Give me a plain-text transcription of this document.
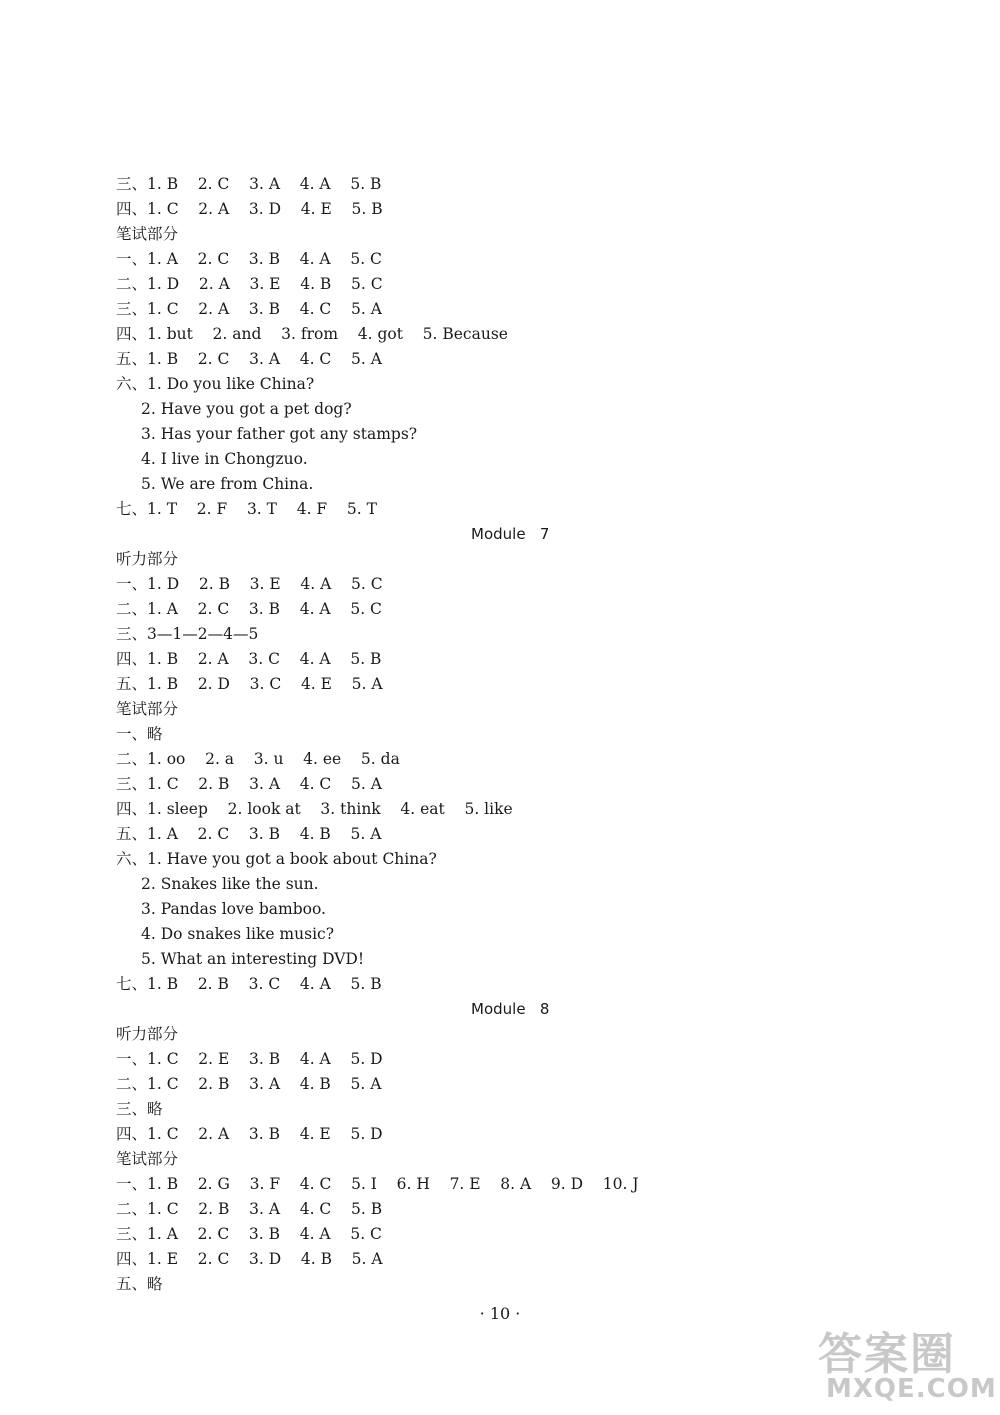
三、1. B    2. C    3. A    4. A    5. B
四、1. C    2. A    3. D    4. E    5. B
笔试部分
一、1. A    2. C    3. B    4. A    5. C
二、1. D    2. A    3. E    4. B    5. C
三、1. C    2. A    3. B    4. C    5. A
四、1. but    2. and    3. from    4. got    5. Because
五、1. B    2. C    3. A    4. C    5. A
六、1. Do you like China?
2. Have you got a pet dog?
3. Has your father got any stamps?
4. I live in Chongzuo.
5. We are from China.
七、1. T    2. F    3. T    4. F    5. T
Module   7
听力部分
一、1. D    2. B    3. E    4. A    5. C
二、1. A    2. C    3. B    4. A    5. C
三、3—1—2—4—5
四、1. B    2. A    3. C    4. A    5. B
五、1. B    2. D    3. C    4. E    5. A
笔试部分
一、略
二、1. oo    2. a    3. u    4. ee    5. da
三、1. C    2. B    3. A    4. C    5. A
四、1. sleep    2. look at    3. think    4. eat    5. like
五、1. A    2. C    3. B    4. B    5. A
六、1. Have you got a book about China?
2. Snakes like the sun.
3. Pandas love bamboo.
4. Do snakes like music?
5. What an interesting DVD!
七、1. B    2. B    3. C    4. A    5. B
Module   8
听力部分
一、1. C    2. E    3. B    4. A    5. D
二、1. C    2. B    3. A    4. B    5. A
三、略
四、1. C    2. A    3. B    4. E    5. D
笔试部分
一、1. B    2. G    3. F    4. C    5. I    6. H    7. E    8. A    9. D    10. J
二、1. C    2. B    3. A    4. C    5. B
三、1. A    2. C    3. B    4. A    5. C
四、1. E    2. C    3. D    4. B    5. A
五、略
· 10 ·
答案圈
MXQE.COM
